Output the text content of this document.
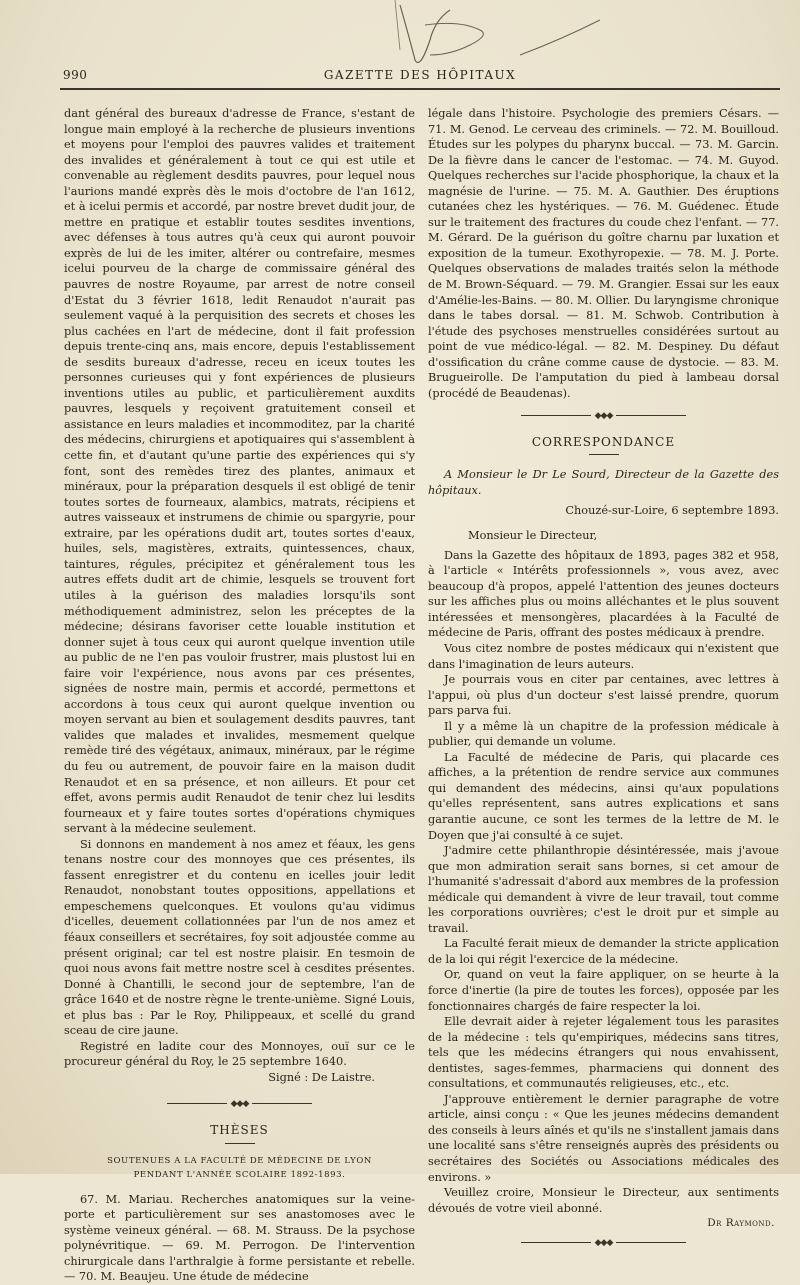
990	GAZETTE DES HÔPITAUX

dant général des bureaux d'adresse de France, s'estant de longue main employé à la recherche de plusieurs inventions et moyens pour l'emploi des pauvres valides et traitement des invalides et généralement à tout ce qui est utile et convenable au règlement desdits pauvres, pour lequel nous l'aurions mandé exprès dès le mois d'octobre de l'an 1612, et à icelui permis et accordé, par nostre brevet dudit jour, de mettre en pratique et establir toutes sesdites inventions, avec défenses à tous autres qu'à ceux qui auront pouvoir exprès de lui de les imiter, altérer ou contrefaire, mesmes icelui pourveu de la charge de commissaire général des pauvres de nostre Royaume, par arrest de notre conseil d'Estat du 3 février 1618, ledit Renaudot n'aurait pas seulement vaqué à la perquisition des secrets et choses les plus cachées en l'art de médecine, dont il fait profession depuis trente-cinq ans, mais encore, depuis l'establissement de sesdits bureaux d'adresse, receu en iceux toutes les personnes curieuses qui y font expériences de plusieurs inventions utiles au public, et particulièrement auxdits pauvres, lesquels y reçoivent gratuitement conseil et assistance en leurs maladies et incommoditez, par la charité des médecins, chirurgiens et apotiquaires qui s'assemblent à cette fin, et d'autant qu'une partie des expériences qui s'y font, sont des remèdes tirez des plantes, animaux et minéraux, pour la préparation desquels il est obligé de tenir toutes sortes de fourneaux, alambics, matrats, récipiens et autres vaisseaux et instrumens de chimie ou spargyrie, pour extraire, par les opérations dudit art, toutes sortes d'eaux, huiles, sels, magistères, extraits, quintessences, chaux, taintures, régules, précipitez et généralement tous les autres effets dudit art de chimie, lesquels se trouvent fort utiles à la guérison des maladies lorsqu'ils sont méthodiquement administrez, selon les préceptes de la médecine; désirans favoriser cette louable institution et donner sujet à tous ceux qui auront quelque invention utile au public de ne l'en pas vouloir frustrer, mais plustost lui en faire voir l'expérience, nous avons par ces présentes, signées de nostre main, permis et accordé, permettons et accordons à tous ceux qui auront quelque invention ou moyen servant au bien et soulagement desdits pauvres, tant valides que malades et invalides, mesmement quelque remède tiré des végétaux, animaux, minéraux, par le régime du feu ou autrement, de pouvoir faire en la maison dudit Renaudot et en sa présence, et non ailleurs. Et pour cet effet, avons permis audit Renaudot de tenir chez lui lesdits fourneaux et y faire toutes sortes d'opérations chymiques servant à la médecine seulement.

Si donnons en mandement à nos amez et féaux, les gens tenans nostre cour des monnoyes que ces présentes, ils fassent enregistrer et du contenu en icelles jouir ledit Renaudot, nonobstant toutes oppositions, appellations et empeschemens quelconques. Et voulons qu'au vidimus d'icelles, deuement collationnées par l'un de nos amez et féaux conseillers et secrétaires, foy soit adjoustée comme au présent original; car tel est nostre plaisir. En tesmoin de quoi nous avons fait mettre nostre scel à cesdites présentes. Donné à Chantilli, le second jour de septembre, l'an de grâce 1640 et de nostre règne le trente-unième. Signé Louis, et plus bas : Par le Roy, Philippeaux, et scellé du grand sceau de cire jaune.

Registré en ladite cour des Monnoyes, ouï sur ce le procureur général du Roy, le 25 septembre 1640.

Signé : De Laistre.

◆◆◆
THÈSES
SOUTENUES A LA FACULTÉ DE MÉDECINE DE LYON
PENDANT L'ANNÉE SCOLAIRE 1892-1893.

67. M. Mariau. Recherches anatomiques sur la veine-porte et particulièrement sur ses anastomoses avec le système veineux général. — 68. M. Strauss. De la psychose polynévritique. — 69. M. Perrogon. De l'intervention chirurgicale dans l'arthralgie à forme persistante et rebelle. — 70. M. Beaujeu. Une étude de médecine

légale dans l'histoire. Psychologie des premiers Césars. — 71. M. Genod. Le cerveau des criminels. — 72. M. Bouilloud. Études sur les polypes du pharynx buccal. — 73. M. Garcin. De la fièvre dans le cancer de l'estomac. — 74. M. Guyod. Quelques recherches sur l'acide phosphorique, la chaux et la magnésie de l'urine. — 75. M. A. Gauthier. Des éruptions cutanées chez les hystériques. — 76. M. Guédenec. Étude sur le traitement des fractures du coude chez l'enfant. — 77. M. Gérard. De la guérison du goître charnu par luxation et exposition de la tumeur. Exothyropexie. — 78. M. J. Porte. Quelques observations de malades traités selon la méthode de M. Brown-Séquard. — 79. M. Grangier. Essai sur les eaux d'Amélie-les-Bains. — 80. M. Ollier. Du laryngisme chronique dans le tabes dorsal. — 81. M. Schwob. Contribution à l'étude des psychoses menstruelles considérées surtout au point de vue médico-légal. — 82. M. Despiney. Du défaut d'ossification du crâne comme cause de dystocie. — 83. M. Brugueirolle. De l'amputation du pied à lambeau dorsal (procédé de Beaudenas).

◆◆◆
CORRESPONDANCE

A Monsieur le Dr Le Sourd, Directeur de la Gazette des hôpitaux.

Chouzé-sur-Loire, 6 septembre 1893.

Monsieur le Directeur,

Dans la Gazette des hôpitaux de 1893, pages 382 et 958, à l'article « Intérêts professionnels », vous avez, avec beaucoup d'à propos, appelé l'attention des jeunes docteurs sur les affiches plus ou moins alléchantes et le plus souvent intéressées et mensongères, placardées à la Faculté de médecine de Paris, offrant des postes médicaux à prendre.

Vous citez nombre de postes médicaux qui n'existent que dans l'imagination de leurs auteurs.

Je pourrais vous en citer par centaines, avec lettres à l'appui, où plus d'un docteur s'est laissé prendre, quorum pars parva fui.

Il y a même là un chapitre de la profession médicale à publier, qui demande un volume.

La Faculté de médecine de Paris, qui placarde ces affiches, a la prétention de rendre service aux communes qui demandent des médecins, ainsi qu'aux populations qu'elles représentent, sans autres explications et sans garantie aucune, ce sont les termes de la lettre de M. le Doyen que j'ai consulté à ce sujet.

J'admire cette philanthropie désintéressée, mais j'avoue que mon admiration serait sans bornes, si cet amour de l'humanité s'adressait d'abord aux membres de la profession médicale qui demandent à vivre de leur travail, tout comme les corporations ouvrières; c'est le droit pur et simple au travail.

La Faculté ferait mieux de demander la stricte application de la loi qui régit l'exercice de la médecine.

Or, quand on veut la faire appliquer, on se heurte à la force d'inertie (la pire de toutes les forces), opposée par les fonctionnaires chargés de faire respecter la loi.

Elle devrait aider à rejeter légalement tous les parasites de la médecine : tels qu'empiriques, médecins sans titres, tels que les médecins étrangers qui nous envahissent, dentistes, sages-femmes, pharmaciens qui donnent des consultations, et communautés religieuses, etc., etc.

J'approuve entièrement le dernier paragraphe de votre article, ainsi conçu : « Que les jeunes médecins demandent des conseils à leurs aînés et qu'ils ne s'installent jamais dans une localité sans s'être renseignés auprès des présidents ou secrétaires des Sociétés ou Associations médicales des environs. »

Veuillez croire, Monsieur le Directeur, aux sentiments dévoués de votre vieil abonné.

Dr Raymond.

◆◆◆
